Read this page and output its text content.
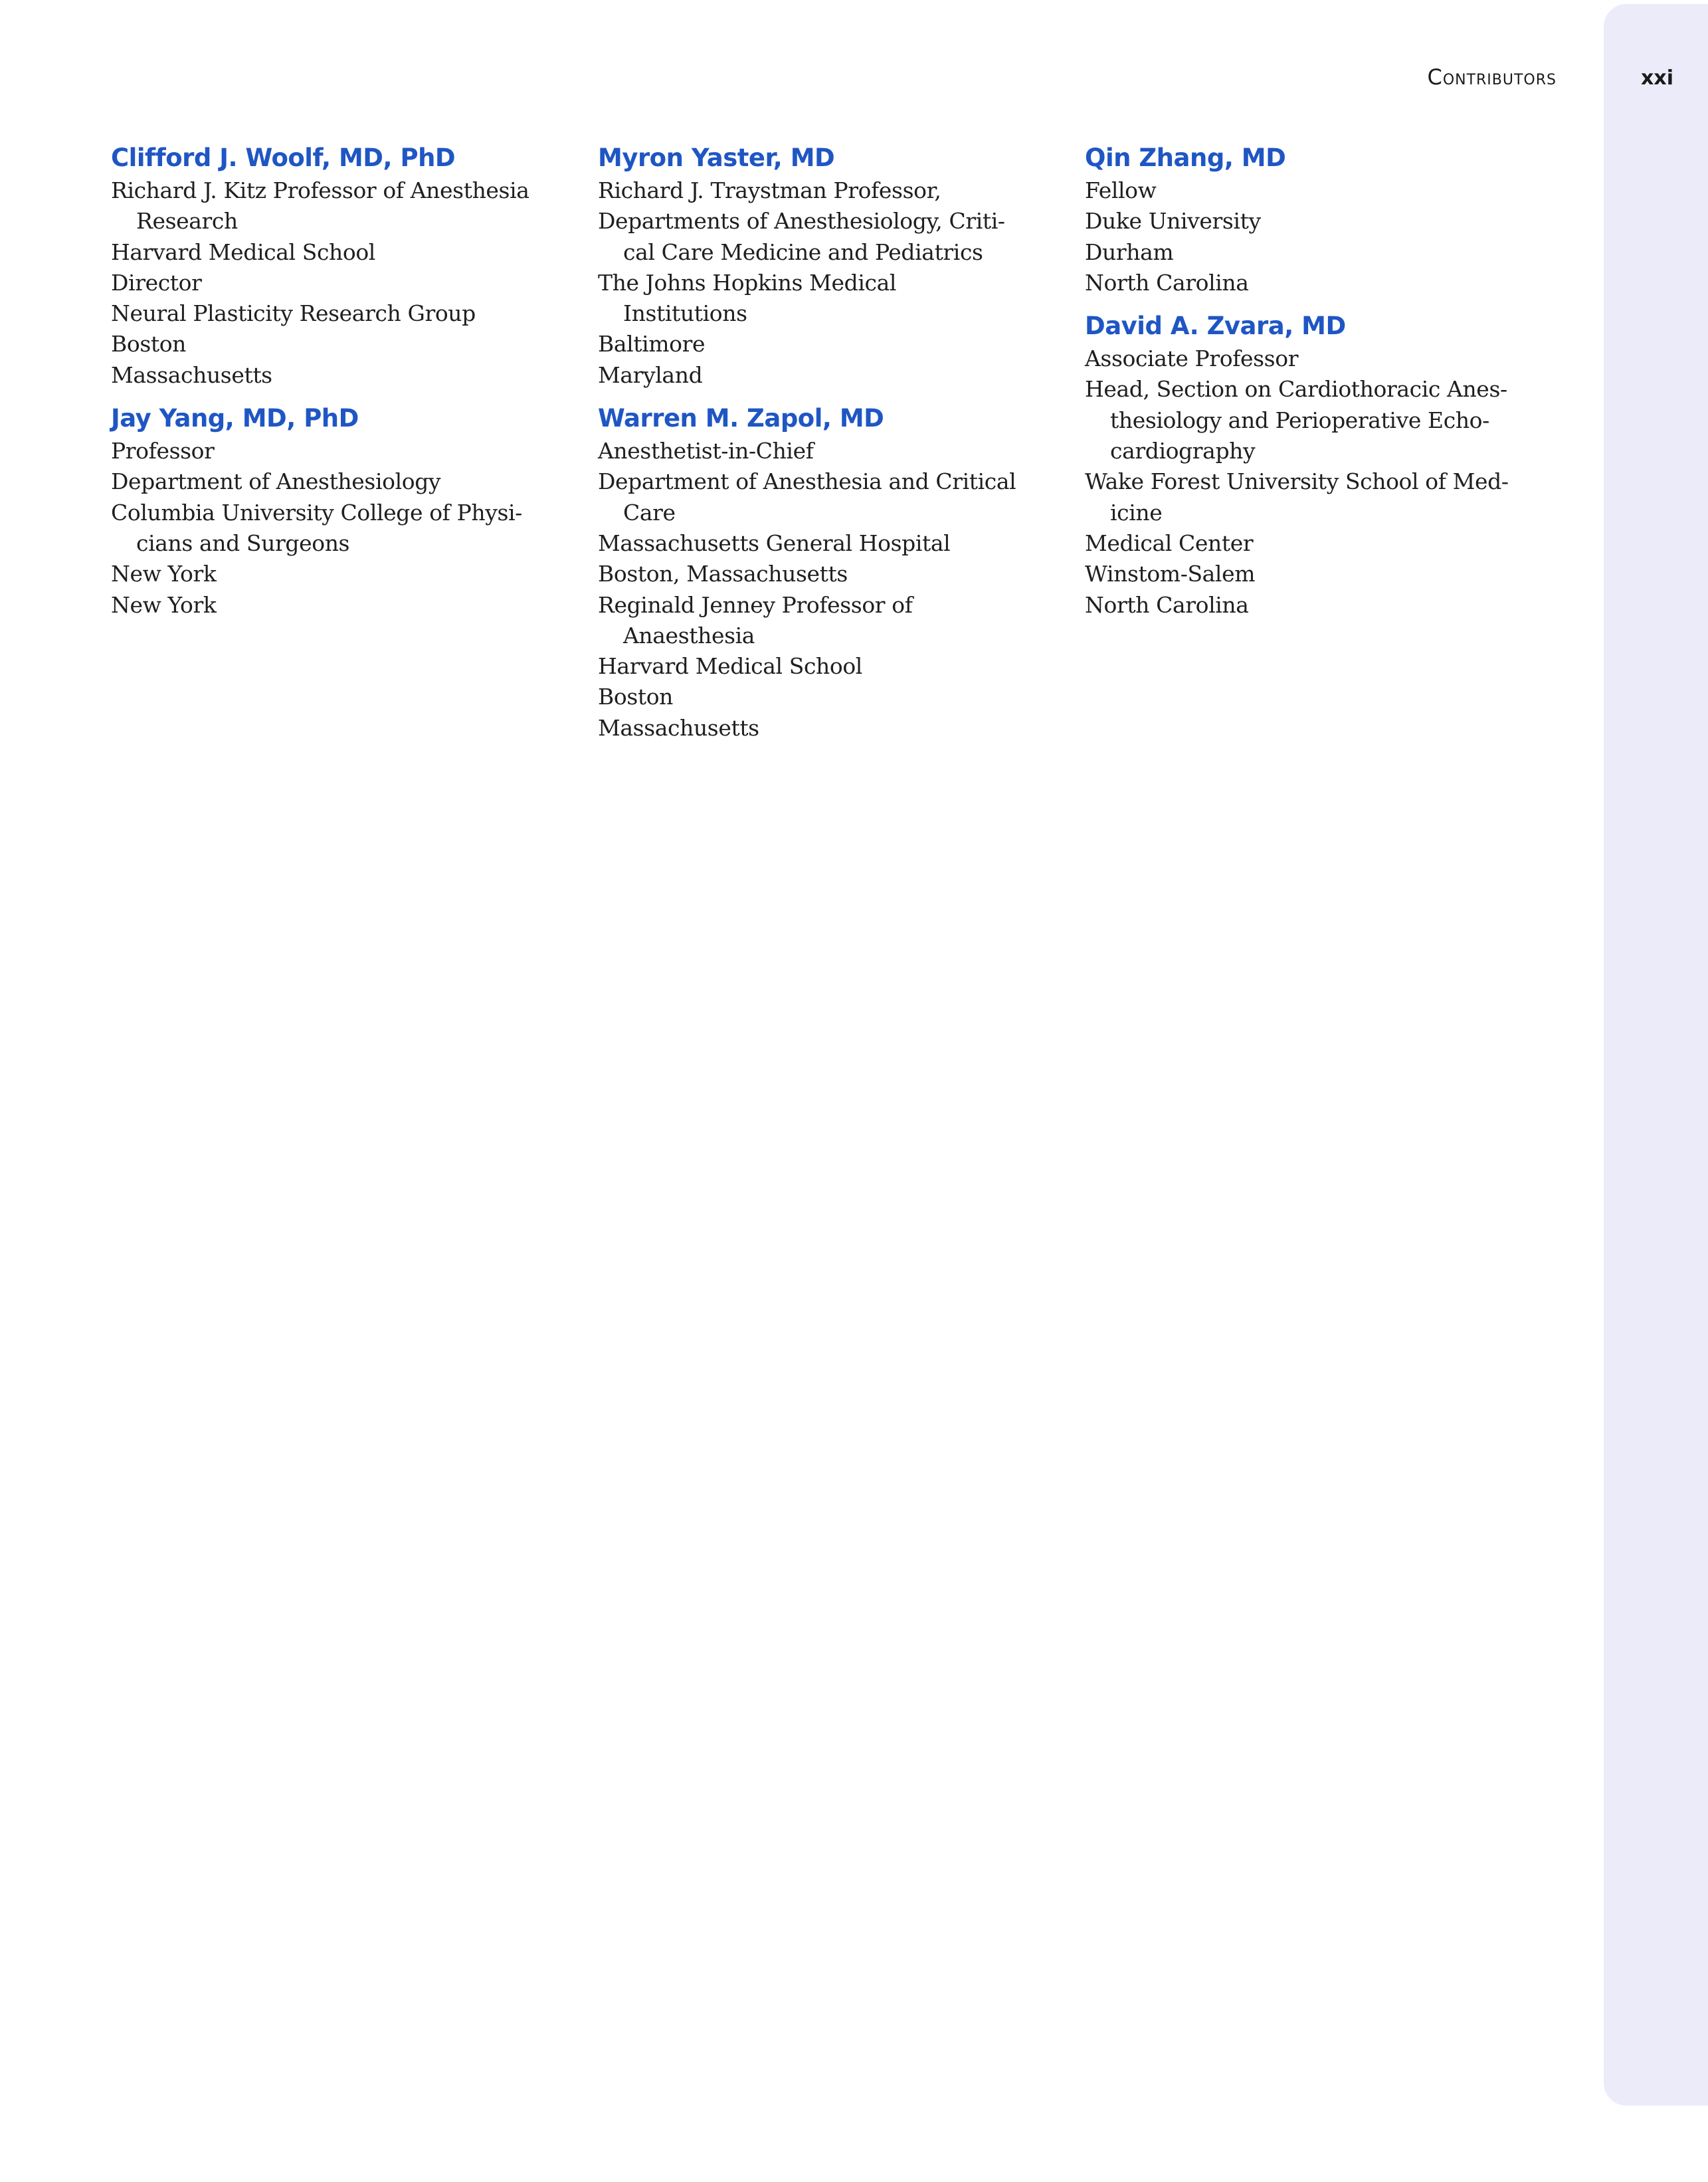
Contributors	xxi
Clifford J. Woolf, MD, PhD
Richard J. Kitz Professor of Anesthesia
Research
Harvard Medical School
Director
Neural Plasticity Research Group
Boston
Massachusetts
Jay Yang, MD, PhD
Professor
Department of Anesthesiology
Columbia University College of Physi-
cians and Surgeons
New York
New York
Myron Yaster, MD
Richard J. Traystman Professor,
Departments of Anesthesiology, Criti-
cal Care Medicine and Pediatrics
The Johns Hopkins Medical
Institutions
Baltimore
Maryland
Warren M. Zapol, MD
Anesthetist-in-Chief
Department of Anesthesia and Critical
Care
Massachusetts General Hospital
Boston, Massachusetts
Reginald Jenney Professor of
Anaesthesia
Harvard Medical School
Boston
Massachusetts
Qin Zhang, MD
Fellow
Duke University
Durham
North Carolina
David A. Zvara, MD
Associate Professor
Head, Section on Cardiothoracic Anes-
thesiology and Perioperative Echo-
cardiography
Wake Forest University School of Med-
icine
Medical Center
Winstom-Salem
North Carolina
